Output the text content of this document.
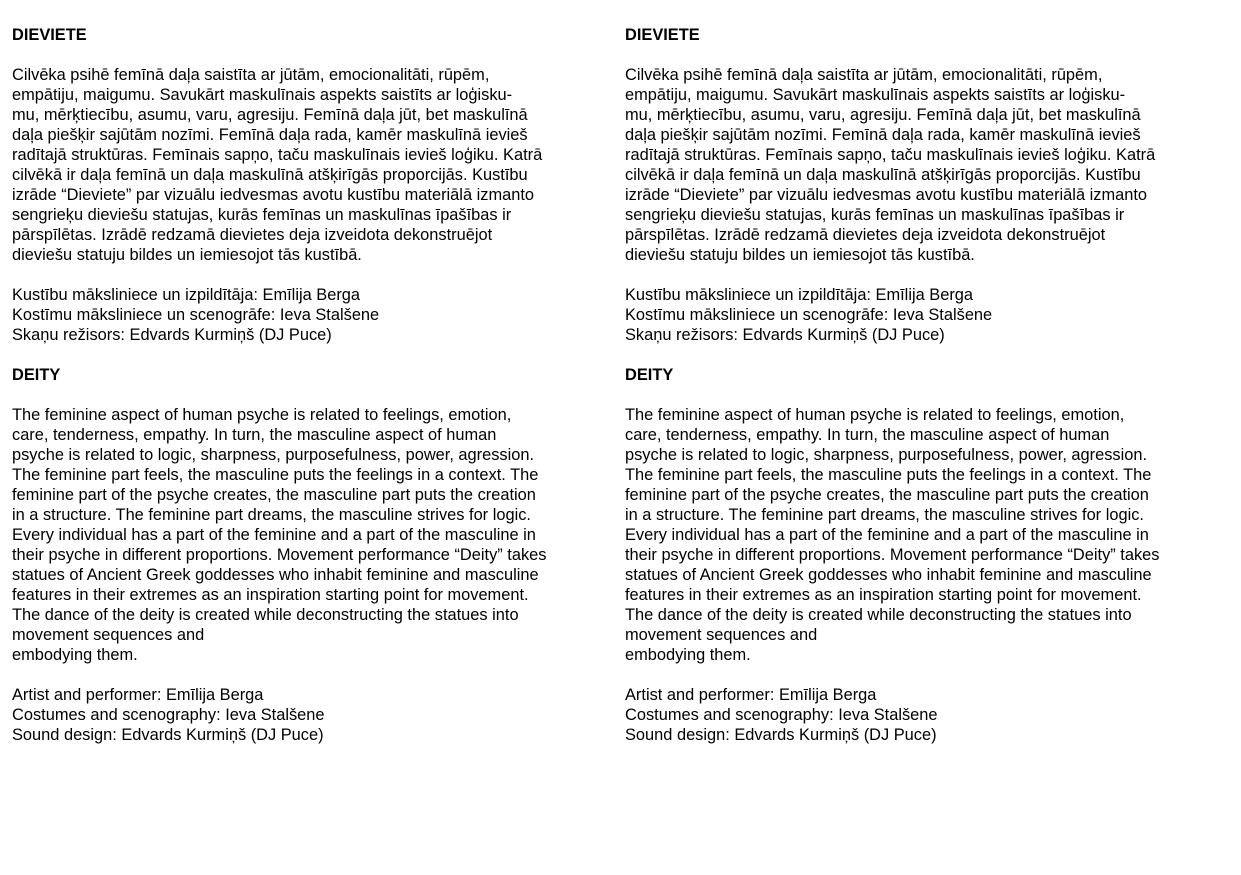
DIEVIETE

Cilvēka psihē femīnā daļa saistīta ar jūtām, emocionalitāti, rūpēm,

empātiju, maigumu. Savukārt maskulīnais aspekts saistīts ar loģisku-

mu, mērķtiecību, asumu, varu, agresiju. Femīnā daļa jūt, bet maskulīnā

daļa piešķir sajūtām nozīmi. Femīnā daļa rada, kamēr maskulīnā ievieš

radītajā struktūras. Femīnais sapņo, taču maskulīnais ievieš loģiku. Katrā

cilvēkā ir daļa femīnā un daļa maskulīnā atšķirīgās proporcijās. Kustību

izrāde “Dieviete” par vizuālu iedvesmas avotu kustību materiālā izmanto

sengrieķu dieviešu statujas, kurās femīnas un maskulīnas īpašības ir

pārspīlētas. Izrādē redzamā dievietes deja izveidota dekonstruējot

dieviešu statuju bildes un iemiesojot tās kustībā.

Kustību māksliniece un izpildītāja: Emīlija Berga

Kostīmu māksliniece un scenogrāfe: Ieva Stalšene

Skaņu režisors: Edvards Kurmiņš (DJ Puce)

DEITY

The feminine aspect of human psyche is related to feelings, emotion,

care, tenderness, empathy. In turn, the masculine aspect of human

psyche is related to logic, sharpness, purposefulness, power, agression.

The feminine part feels, the masculine puts the feelings in a context. The

feminine part of the psyche creates, the masculine part puts the creation

in a structure. The feminine part dreams, the masculine strives for logic.

Every individual has a part of the feminine and a part of the masculine in

their psyche in different proportions. Movement performance “Deity” takes

statues of Ancient Greek goddesses who inhabit feminine and masculine

features in their extremes as an inspiration starting point for movement.

The dance of the deity is created while deconstructing the statues into

movement sequences and

embodying them.

Artist and performer: Emīlija Berga

Costumes and scenography: Ieva Stalšene

Sound design: Edvards Kurmiņš (DJ Puce)

DIEVIETE

Cilvēka psihē femīnā daļa saistīta ar jūtām, emocionalitāti, rūpēm,

empātiju, maigumu. Savukārt maskulīnais aspekts saistīts ar loģisku-

mu, mērķtiecību, asumu, varu, agresiju. Femīnā daļa jūt, bet maskulīnā

daļa piešķir sajūtām nozīmi. Femīnā daļa rada, kamēr maskulīnā ievieš

radītajā struktūras. Femīnais sapņo, taču maskulīnais ievieš loģiku. Katrā

cilvēkā ir daļa femīnā un daļa maskulīnā atšķirīgās proporcijās. Kustību

izrāde “Dieviete” par vizuālu iedvesmas avotu kustību materiālā izmanto

sengrieķu dieviešu statujas, kurās femīnas un maskulīnas īpašības ir

pārspīlētas. Izrādē redzamā dievietes deja izveidota dekonstruējot

dieviešu statuju bildes un iemiesojot tās kustībā.

Kustību māksliniece un izpildītāja: Emīlija Berga

Kostīmu māksliniece un scenogrāfe: Ieva Stalšene

Skaņu režisors: Edvards Kurmiņš (DJ Puce)

DEITY

The feminine aspect of human psyche is related to feelings, emotion,

care, tenderness, empathy. In turn, the masculine aspect of human

psyche is related to logic, sharpness, purposefulness, power, agression.

The feminine part feels, the masculine puts the feelings in a context. The

feminine part of the psyche creates, the masculine part puts the creation

in a structure. The feminine part dreams, the masculine strives for logic.

Every individual has a part of the feminine and a part of the masculine in

their psyche in different proportions. Movement performance “Deity” takes

statues of Ancient Greek goddesses who inhabit feminine and masculine

features in their extremes as an inspiration starting point for movement.

The dance of the deity is created while deconstructing the statues into

movement sequences and

embodying them.

Artist and performer: Emīlija Berga

Costumes and scenography: Ieva Stalšene

Sound design: Edvards Kurmiņš (DJ Puce)
